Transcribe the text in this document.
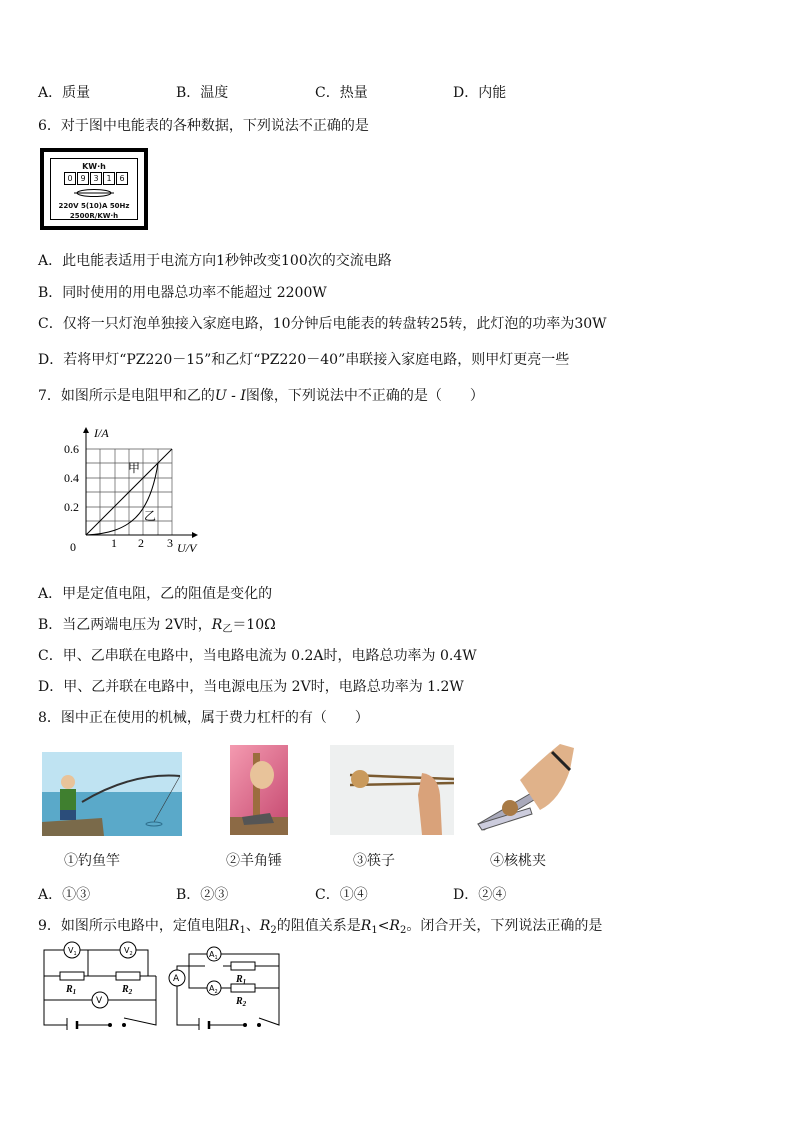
A．质量	B．温度	C．热量	D．内能
6．对于图中电能表的各种数据，下列说法不正确的是
KW·h
0 9 3 1 6
220V 5(10)A 50Hz
2500R/KW·h
A．此电能表适用于电流方向1秒钟改变100次的交流电路
B．同时使用的用电器总功率不能超过 2200W
C．仅将一只灯泡单独接入家庭电路，10分钟后电能表的转盘转25转，此灯泡的功率为30W
D．若将甲灯“PZ220－15”和乙灯“PZ220－40”串联接入家庭电路，则甲灯更亮一些
7．如图所示是电阻甲和乙的U - I图像，下列说法中不正确的是（　　）
I/A
U/V
0.6
0.4
0.2
0	1 2 3
甲
乙
A．甲是定值电阻，乙的阻值是变化的
B．当乙两端电压为 2V时，$R_乙=10\Omega$
C．甲、乙串联在电路中，当电路电流为 0.2A时，电路总功率为 0.4W
D．甲、乙并联在电路中，当电源电压为 2V时，电路总功率为 1.2W
8．图中正在使用的机械，属于费力杠杆的有（　　）
①钓鱼竿	②羊角锤	③筷子	④核桃夹
A．①③	B．②③	C．①④	D．②④
9．如图所示电路中，定值电阻$R_1$、$R_2$的阻值关系是$R_1<R_2$。闭合开关，下列说法正确的是
$V_1$	$V_2$
V
$R_1$	$R_2$
$A_1$
$A_2$
A	$R_1$
$R_2$
